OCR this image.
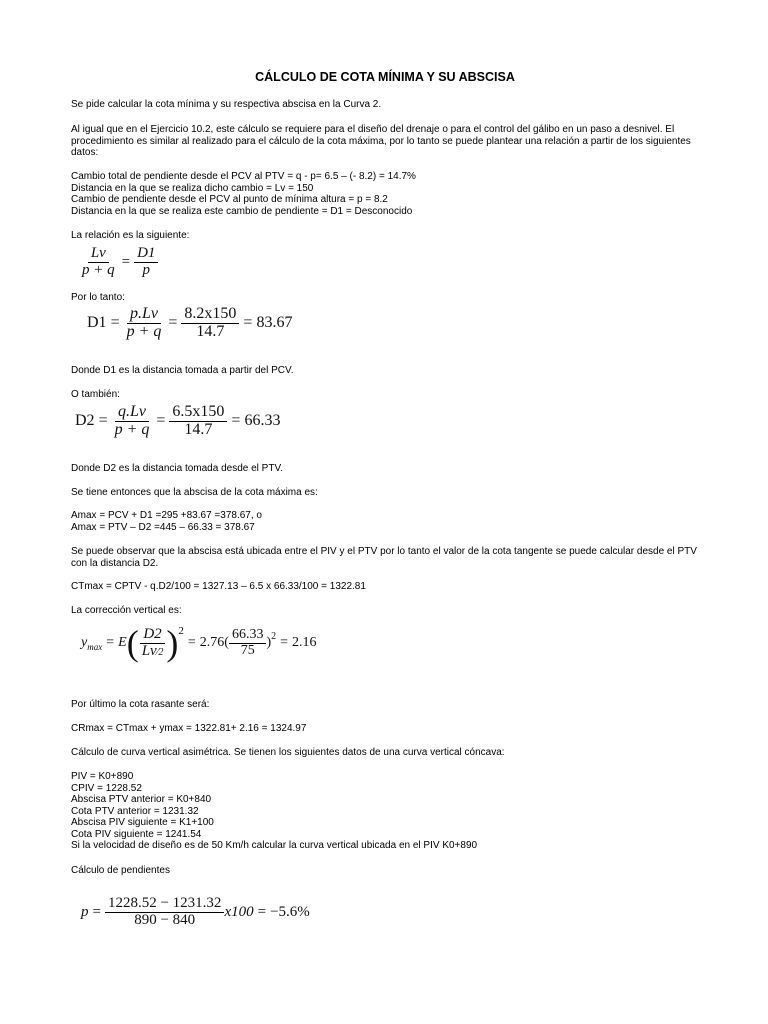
CÁLCULO DE COTA MÍNIMA Y SU ABSCISA

Se pide calcular la cota mínima y su respectiva abscisa en la Curva 2.

Al igual que en el Ejercicio 10.2, este cálculo se requiere para el diseño del drenaje o para el control del gálibo en un paso a desnivel. El procedimiento es similar al realizado para el cálculo de la cota máxima, por lo tanto se puede plantear una relación a partir de los siguientes datos:

Cambio total de pendiente desde el PCV al PTV = q - p= 6.5 – (- 8.2) = 14.7%

Distancia en la que se realiza dicho cambio = Lv = 150

Cambio de pendiente desde el PCV al punto de mínima altura = p = 8.2

Distancia en la que se realiza este cambio de pendiente = D1 = Desconocido

La relación es la siguiente:

$\frac{Lv}{p + q} = \frac{D1}{p}$

Por lo tanto:

$D1 = \frac{p.Lv}{p + q} = \frac{8.2x150}{14.7} = 83.67$

Donde D1 es la distancia tomada a partir del PCV.

O también:

$D2 = \frac{q.Lv}{p + q} = \frac{6.5x150}{14.7} = 66.33$

Donde D2 es la distancia tomada desde el PTV.

Se tiene entonces que la abscisa de la cota máxima es:

Amax = PCV + D1 =295 +83.67 =378.67, o

Amax = PTV – D2 =445 – 66.33 = 378.67

Se puede observar que la abscisa está ubicada entre el PIV y el PTV por lo tanto el valor de la cota tangente se puede calcular desde el PTV con la distancia D2.

CTmax = CPTV - q.D2/100 = 1327.13 – 6.5 x 66.33/100 = 1322.81

La corrección vertical es:

$y_{max} = E$ ( $\frac{D2}{Lv⁄2} )^2$
= $2.76( \frac{66.33}{75} )^2 = 2.16$

Por último la cota rasante será:

CRmax = CTmax + ymax = 1322.81+ 2.16 = 1324.97

Cálculo de curva vertical asimétrica. Se tienen los siguientes datos de una curva vertical cóncava:

PIV = K0+890

CPIV = 1228.52

Abscisa PTV anterior = K0+840

Cota PTV anterior = 1231.32

Abscisa PIV siguiente = K1+100

Cota PIV siguiente = 1241.54

Si la velocidad de diseño es de 50 Km/h calcular la curva vertical ubicada en el PIV K0+890

Cálculo de pendientes

$p = \frac{1228.52 - 1231.32}{890 - 840} x100 = -5.6\%$
